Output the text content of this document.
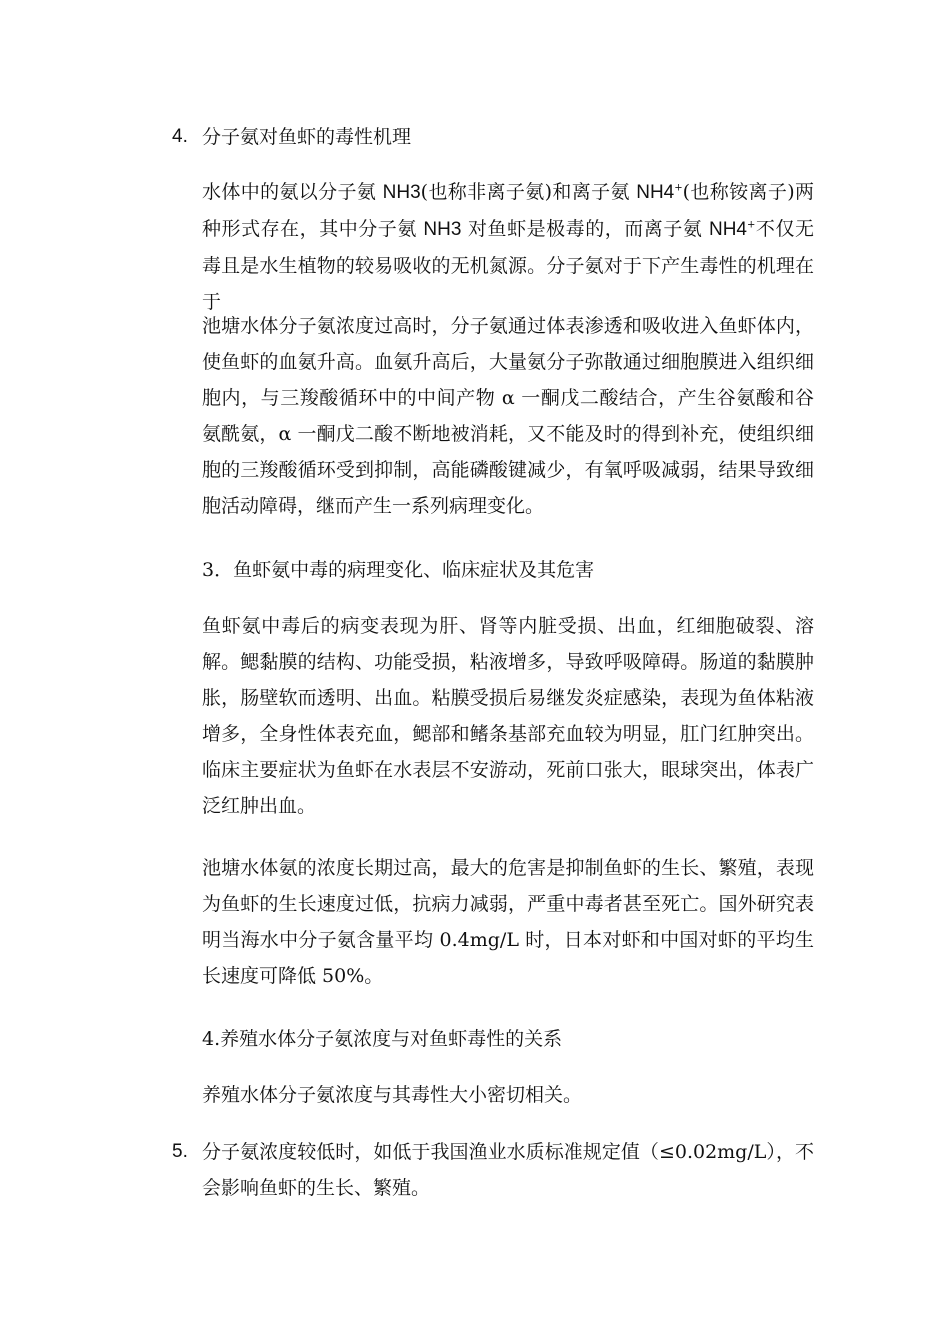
4. 分子氨对鱼虾的毒性机理

水体中的氨以分子氨 NH3(也称非离子氨)和离子氨 NH4+(也称铵离子)两种形式存在，其中分子氨 NH3 对鱼虾是极毒的，而离子氨 NH4+不仅无毒且是水生植物的较易吸收的无机氮源。分子氨对于下产生毒性的机理在于

池塘水体分子氨浓度过高时，分子氨通过体表渗透和吸收进入鱼虾体内，使鱼虾的血氨升高。血氨升高后，大量氨分子弥散通过细胞膜进入组织细胞内，与三羧酸循环中的中间产物 α 一酮戊二酸结合，产生谷氨酸和谷氨酰氨，α 一酮戊二酸不断地被消耗，又不能及时的得到补充，使组织细胞的三羧酸循环受到抑制，高能磷酸键减少，有氧呼吸减弱，结果导致细胞活动障碍，继而产生一系列病理变化。

3．鱼虾氨中毒的病理变化、临床症状及其危害

鱼虾氨中毒后的病变表现为肝、肾等内脏受损、出血，红细胞破裂、溶解。鳃黏膜的结构、功能受损，粘液增多，导致呼吸障碍。肠道的黏膜肿胀，肠壁软而透明、出血。粘膜受损后易继发炎症感染，表现为鱼体粘液增多，全身性体表充血，鳃部和鳍条基部充血较为明显，肛门红肿突出。临床主要症状为鱼虾在水表层不安游动，死前口张大，眼球突出，体表广泛红肿出血。

池塘水体氨的浓度长期过高，最大的危害是抑制鱼虾的生长、繁殖，表现为鱼虾的生长速度过低，抗病力减弱，严重中毒者甚至死亡。国外研究表明当海水中分子氨含量平均 0.4mg/L 时，日本对虾和中国对虾的平均生长速度可降低 50%。

4.养殖水体分子氨浓度与对鱼虾毒性的关系

养殖水体分子氨浓度与其毒性大小密切相关。

5. 分子氨浓度较低时，如低于我国渔业水质标准规定值（≤0.02mg/L），不会影响鱼虾的生长、繁殖。
